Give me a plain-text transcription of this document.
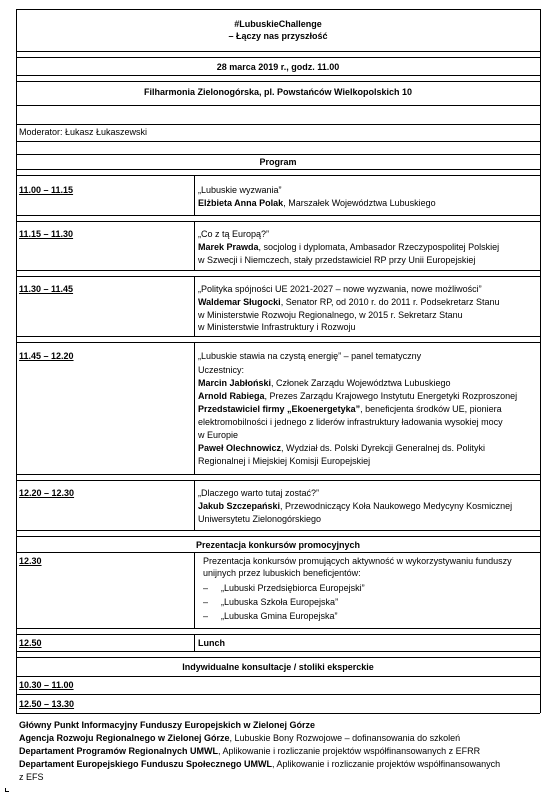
#LubuskieChallenge
– Łączy nas przyszłość
28 marca 2019 r., godz. 11.00
Filharmonia Zielonogórska, pl. Powstańców Wielkopolskich 10
Moderator: Łukasz Łukaszewski
Program
11.00 – 11.15	„Lubuskie wyzwania”
Elżbieta Anna Polak, Marszałek Województwa Lubuskiego
11.15 – 11.30	„Co z tą Europą?”
Marek Prawda, socjolog i dyplomata, Ambasador Rzeczypospolitej Polskiej
w Szwecji i Niemczech, stały przedstawiciel RP przy Unii Europejskiej
11.30 – 11.45	„Polityka spójności UE 2021-2027 – nowe wyzwania, nowe możliwości”
Waldemar Sługocki, Senator RP, od 2010 r. do 2011 r. Podsekretarz Stanu
w Ministerstwie Rozwoju Regionalnego, w 2015 r. Sekretarz Stanu
w Ministerstwie Infrastruktury i Rozwoju
11.45 – 12.20	„Lubuskie stawia na czystą energię” – panel tematyczny
Uczestnicy:
Marcin Jabłoński, Członek Zarządu Województwa Lubuskiego
Arnold Rabiega, Prezes Zarządu Krajowego Instytutu Energetyki Rozproszonej
Przedstawiciel firmy „Ekoenergetyka”, beneficjenta środków UE, pioniera
elektromobilności i jednego z liderów infrastruktury ładowania wysokiej mocy
w Europie
Paweł Olechnowicz, Wydział ds. Polski Dyrekcji Generalnej ds. Polityki
Regionalnej i Miejskiej Komisji Europejskiej
12.20 – 12.30	„Dlaczego warto tutaj zostać?”
Jakub Szczepański, Przewodniczący Koła Naukowego Medycyny Kosmicznej
Uniwersytetu Zielonogórskiego
Prezentacja konkursów promocyjnych
12.30	Prezentacja konkursów promujących aktywność w wykorzystywaniu funduszy
unijnych przez lubuskich beneficjentów:
– „Lubuski Przedsiębiorca Europejski”
– „Lubuska Szkoła Europejska”
– „Lubuska Gmina Europejska”
12.50	Lunch
Indywidualne konsultacje / stoliki eksperckie
10.30 – 11.00
12.50 – 13.30
Główny Punkt Informacyjny Funduszy Europejskich w Zielonej Górze
Agencja Rozwoju Regionalnego w Zielonej Górze, Lubuskie Bony Rozwojowe – dofinansowania do szkoleń
Departament Programów Regionalnych UMWL, Aplikowanie i rozliczanie projektów współfinansowanych z EFRR
Departament Europejskiego Funduszu Społecznego UMWL, Aplikowanie i rozliczanie projektów współfinansowanych
z EFS
